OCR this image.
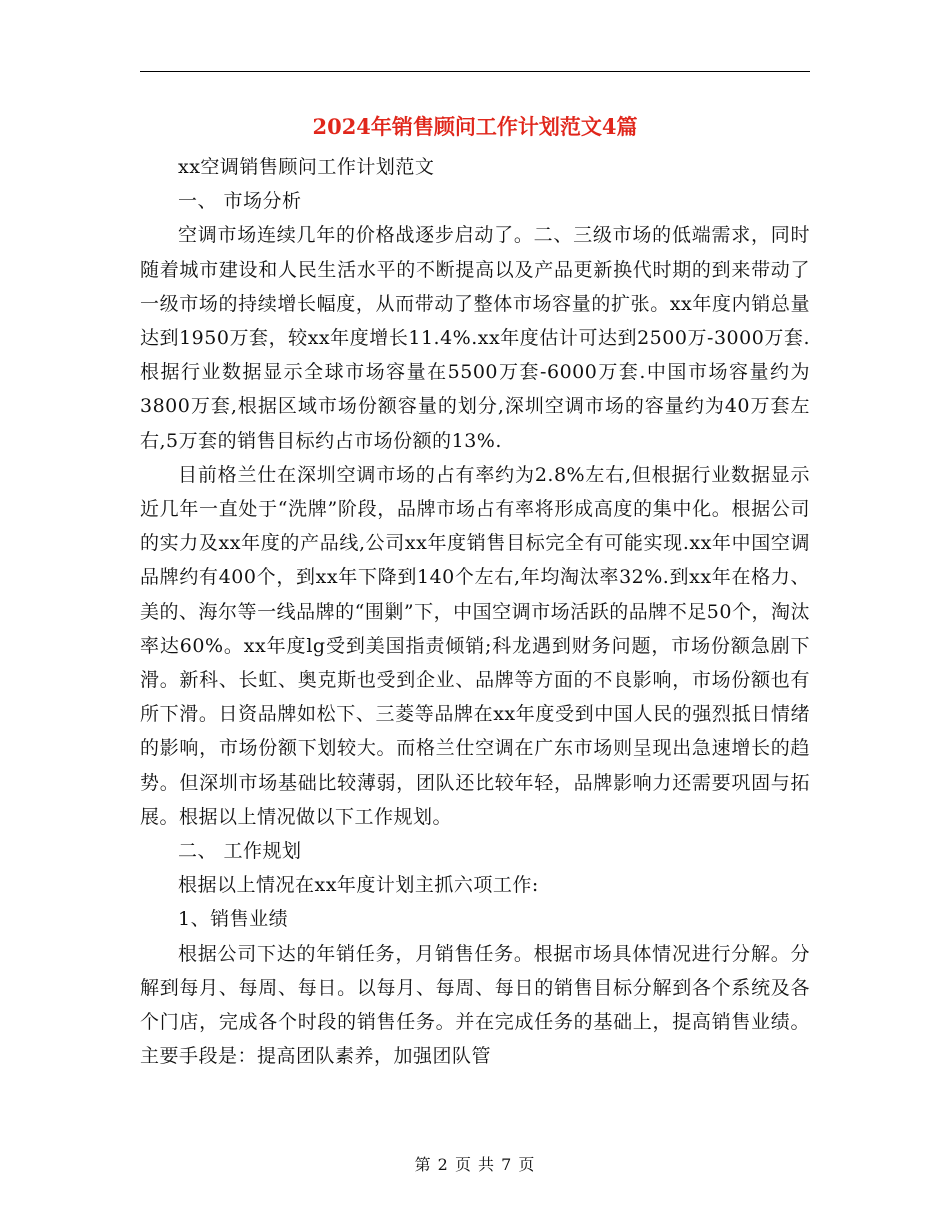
2024年销售顾问工作计划范文4篇

xx空调销售顾问工作计划范文

一、 市场分析

空调市场连续几年的价格战逐步启动了。二、三级市场的低端需求，同时随着城市建设和人民生活水平的不断提高以及产品更新换代时期的到来带动了一级市场的持续增长幅度，从而带动了整体市场容量的扩张。xx年度内销总量达到1950万套，较xx年度增长11.4%.xx年度估计可达到2500万-3000万套.根据行业数据显示全球市场容量在5500万套-6000万套.中国市场容量约为3800万套,根据区域市场份额容量的划分,深圳空调市场的容量约为40万套左右,5万套的销售目标约占市场份额的13%.

目前格兰仕在深圳空调市场的占有率约为2.8%左右,但根据行业数据显示近几年一直处于“洗牌”阶段，品牌市场占有率将形成高度的集中化。根据公司的实力及xx年度的产品线,公司xx年度销售目标完全有可能实现.xx年中国空调品牌约有400个，到xx年下降到140个左右,年均淘汰率32%.到xx年在格力、美的、海尔等一线品牌的“围剿”下，中国空调市场活跃的品牌不足50个，淘汰率达60%。xx年度lg受到美国指责倾销;科龙遇到财务问题，市场份额急剧下滑。新科、长虹、奥克斯也受到企业、品牌等方面的不良影响，市场份额也有所下滑。日资品牌如松下、三菱等品牌在xx年度受到中国人民的强烈抵日情绪的影响，市场份额下划较大。而格兰仕空调在广东市场则呈现出急速增长的趋势。但深圳市场基础比较薄弱，团队还比较年轻，品牌影响力还需要巩固与拓展。根据以上情况做以下工作规划。

二、 工作规划

根据以上情况在xx年度计划主抓六项工作:

1、销售业绩

根据公司下达的年销任务，月销售任务。根据市场具体情况进行分解。分解到每月、每周、每日。以每月、每周、每日的销售目标分解到各个系统及各个门店，完成各个时段的销售任务。并在完成任务的基础上，提高销售业绩。主要手段是：提高团队素养，加强团队管

第 2 页 共 7 页
